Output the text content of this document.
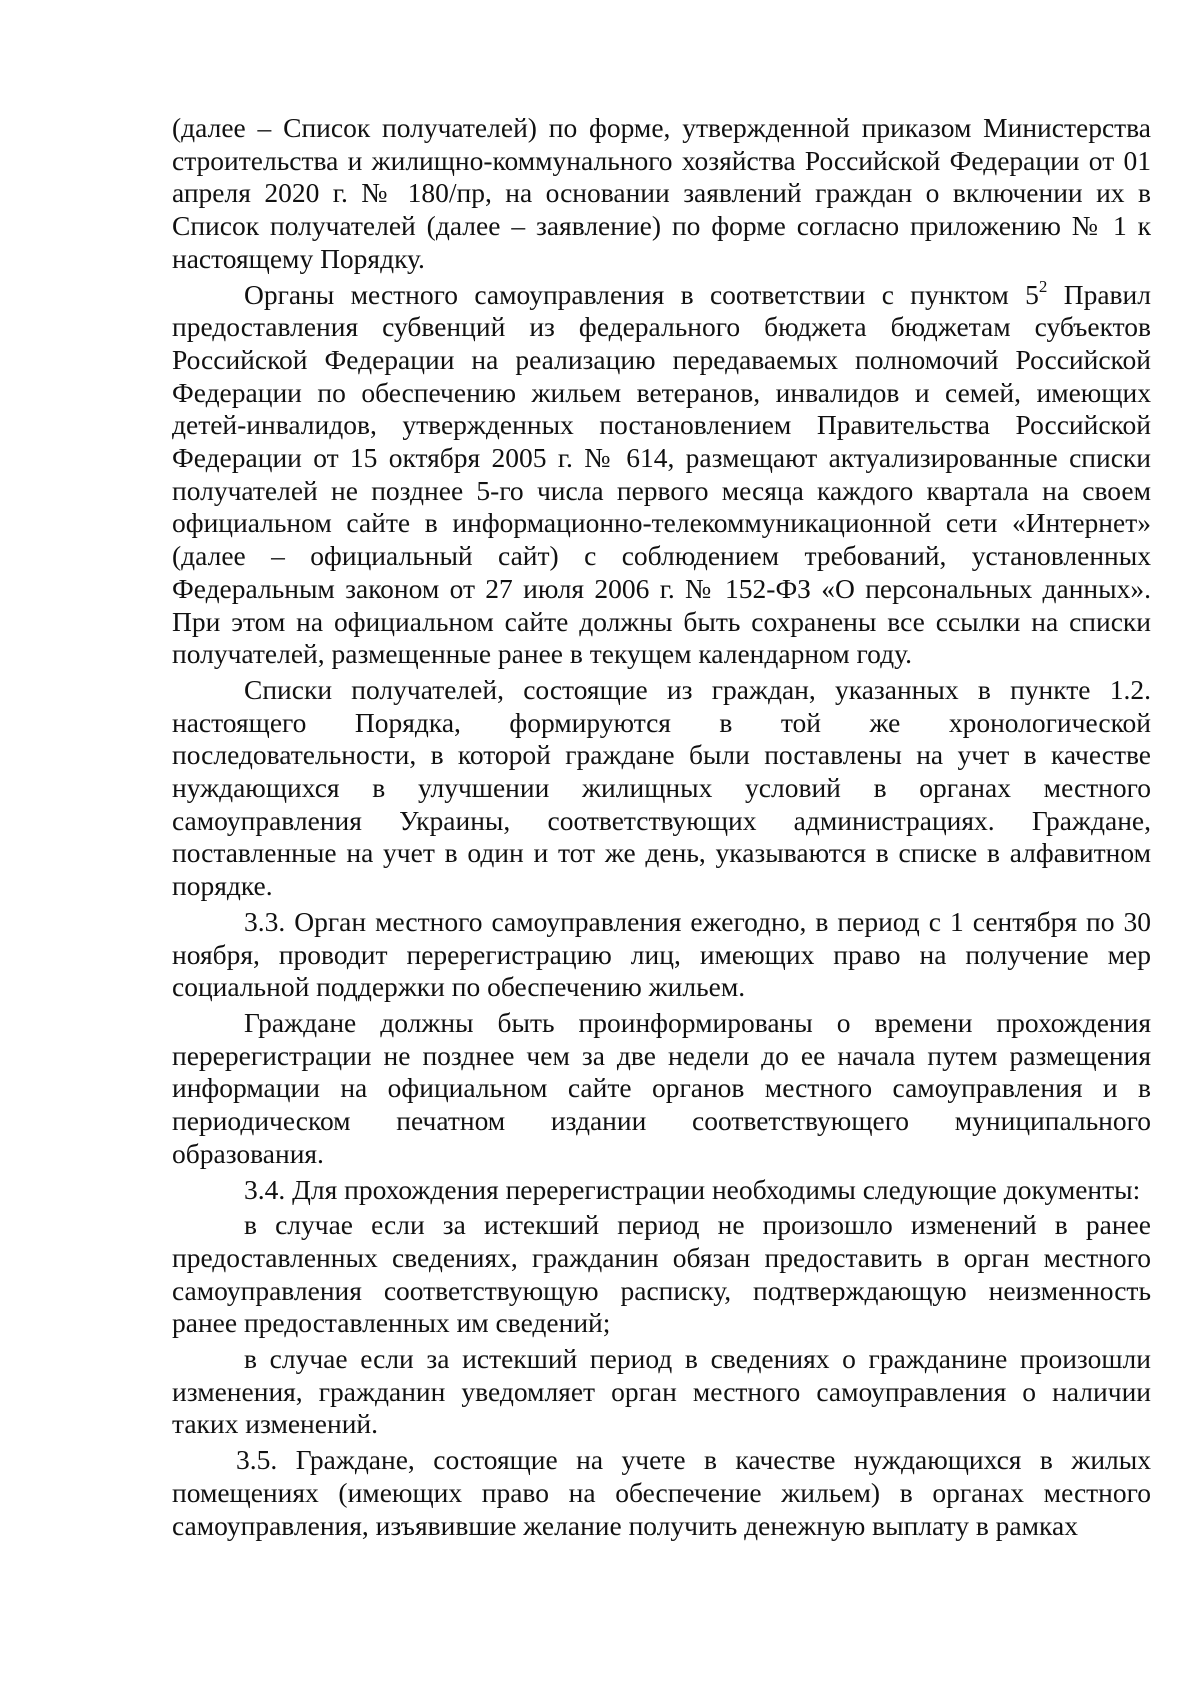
(далее – Список получателей) по форме, утвержденной приказом Министерства строительства и жилищно-коммунального хозяйства Российской Федерации от 01 апреля 2020 г. № 180/пр, на основании заявлений граждан о включении их в Список получателей (далее – заявление) по форме согласно приложению № 1 к настоящему Порядку.

Органы местного самоуправления в соответствии с пунктом $5^2$ Правил предоставления субвенций из федерального бюджета бюджетам субъектов Российской Федерации на реализацию передаваемых полномочий Российской Федерации по обеспечению жильем ветеранов, инвалидов и семей, имеющих детей-инвалидов, утвержденных постановлением Правительства Российской Федерации от 15 октября 2005 г. № 614, размещают актуализированные списки получателей не позднее 5-го числа первого месяца каждого квартала на своем официальном сайте в информационно-телекоммуникационной сети «Интернет» (далее – официальный сайт) с соблюдением требований, установленных Федеральным законом от 27 июля 2006 г. № 152-ФЗ «О персональных данных». При этом на официальном сайте должны быть сохранены все ссылки на списки получателей, размещенные ранее в текущем календарном году.

Списки получателей, состоящие из граждан, указанных в пункте 1.2. настоящего Порядка, формируются в той же хронологической последовательности, в которой граждане были поставлены на учет в качестве нуждающихся в улучшении жилищных условий в органах местного самоуправления Украины, соответствующих администрациях. Граждане, поставленные на учет в один и тот же день, указываются в списке в алфавитном порядке.

3.3. Орган местного самоуправления ежегодно, в период с 1 сентября по 30 ноября, проводит перерегистрацию лиц, имеющих право на получение мер социальной поддержки по обеспечению жильем.

Граждане должны быть проинформированы о времени прохождения перерегистрации не позднее чем за две недели до ее начала путем размещения информации на официальном сайте органов местного самоуправления и в периодическом печатном издании соответствующего муниципального образования.

3.4. Для прохождения перерегистрации необходимы следующие документы:

в случае если за истекший период не произошло изменений в ранее предоставленных сведениях, гражданин обязан предоставить в орган местного самоуправления соответствующую расписку, подтверждающую неизменность ранее предоставленных им сведений;

в случае если за истекший период в сведениях о гражданине произошли изменения, гражданин уведомляет орган местного самоуправления о наличии таких изменений.

3.5. Граждане, состоящие на учете в качестве нуждающихся в жилых помещениях (имеющих право на обеспечение жильем) в органах местного самоуправления, изъявившие желание получить денежную выплату в рамках
